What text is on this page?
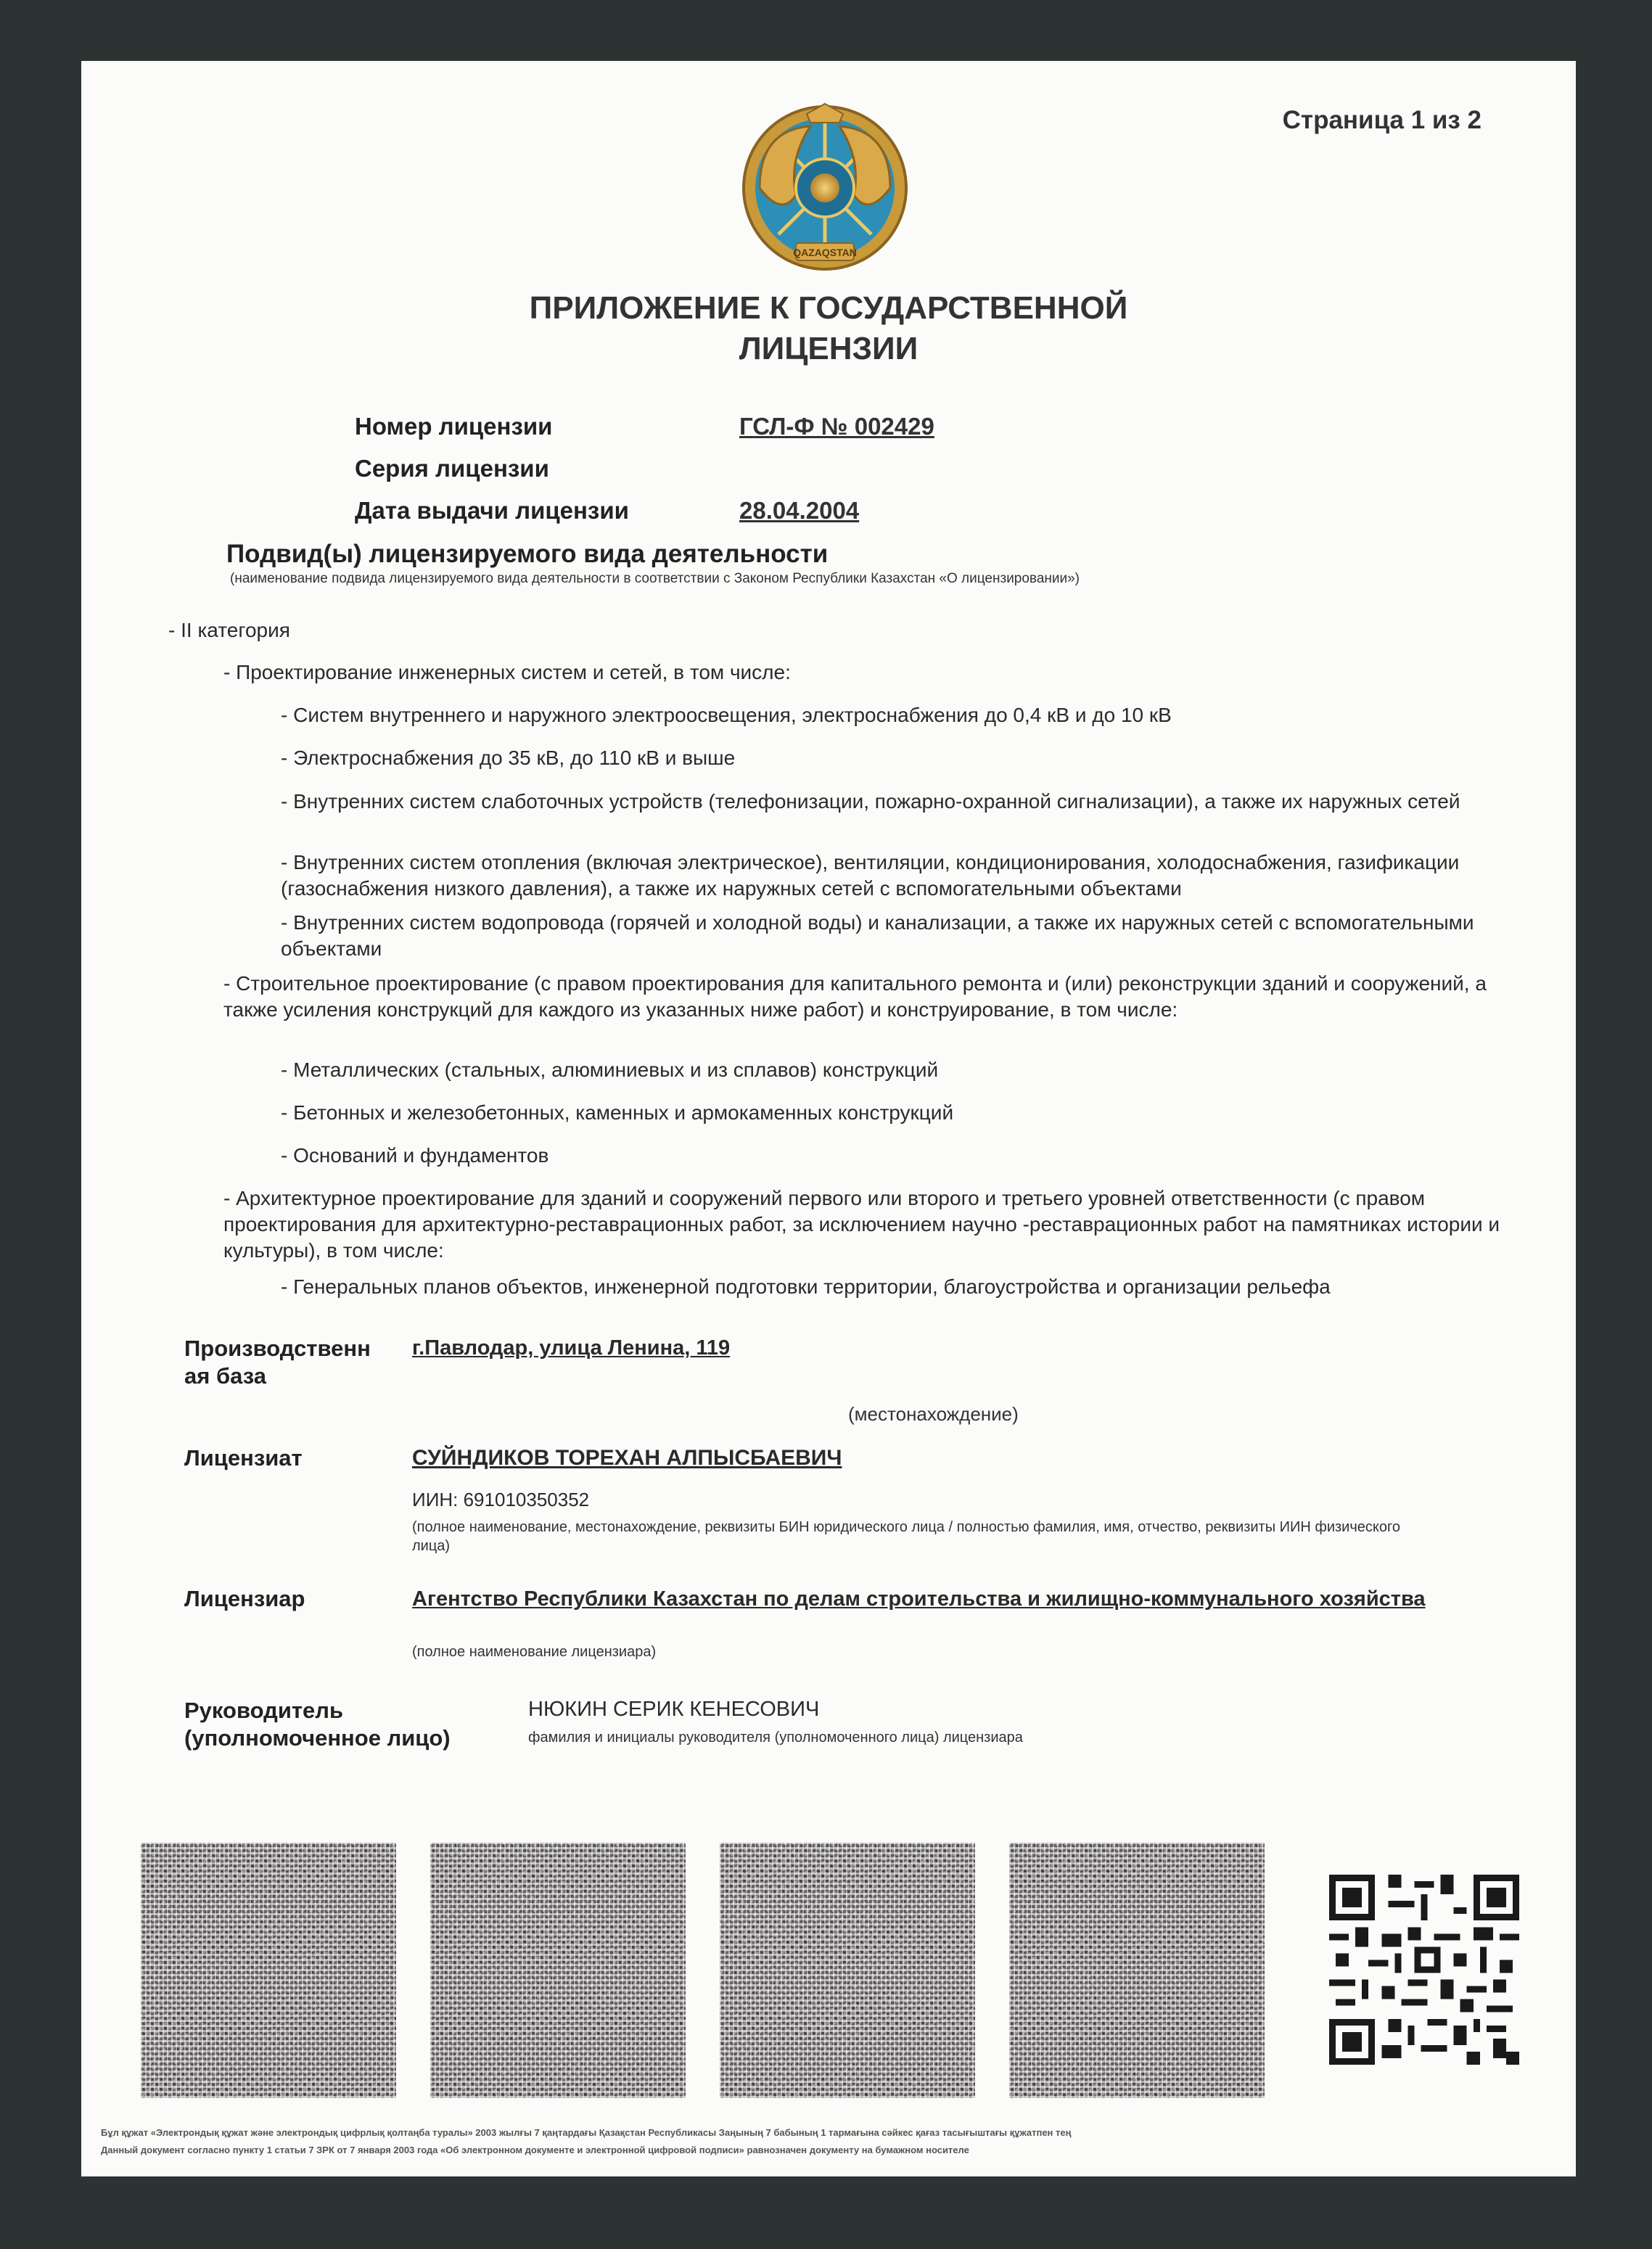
Страница 1 из 2
QAZAQSTAN
ПРИЛОЖЕНИЕ К ГОСУДАРСТВЕННОЙ
ЛИЦЕНЗИИ
Номер лицензии	ГСЛ-Ф № 002429
Серия лицензии
Дата выдачи лицензии	28.04.2004
Подвид(ы) лицензируемого вида деятельности
(наименование подвида лицензируемого вида деятельности в соответствии с Законом Республики Казахстан «О лицензировании»)
- II категория
- Проектирование инженерных систем и сетей, в том числе:
- Систем внутреннего и наружного электроосвещения, электроснабжения до 0,4 кВ и до 10 кВ
- Электроснабжения до 35 кВ, до 110 кВ и выше
- Внутренних систем слаботочных устройств (телефонизации, пожарно-охранной сигнализации), а также их наружных сетей
- Внутренних систем отопления (включая электрическое), вентиляции, кондиционирования, холодоснабжения, газификации (газоснабжения низкого давления), а также их наружных сетей с вспомогательными объектами
- Внутренних систем водопровода (горячей и холодной воды) и канализации, а также их наружных сетей с вспомогательными объектами
- Строительное проектирование (с правом проектирования для капитального ремонта и (или) реконструкции зданий и сооружений, а также усиления конструкций для каждого из указанных ниже работ) и конструирование, в том числе:
- Металлических (стальных, алюминиевых и из сплавов) конструкций
- Бетонных и железобетонных, каменных и армокаменных конструкций
- Оснований и фундаментов
- Архитектурное проектирование для зданий и сооружений первого или второго и третьего уровней ответственности (с правом проектирования для архитектурно-реставрационных работ, за исключением научно -реставрационных работ на памятниках истории и культуры), в том числе:
- Генеральных планов объектов, инженерной подготовки территории, благоустройства и организации рельефа
Производственн
ая база
г.Павлодар, улица Ленина, 119
(местонахождение)
Лицензиат	СУЙНДИКОВ ТОРЕХАН АЛПЫСБАЕВИЧ
ИИН: 691010350352
(полное наименование, местонахождение, реквизиты БИН юридического лица / полностью фамилия, имя, отчество, реквизиты ИИН физического лица)
Лицензиар	Агентство Республики Казахстан по делам строительства и жилищно-коммунального хозяйства
(полное наименование лицензиара)
Руководитель
(уполномоченное лицо)
НЮКИН СЕРИК КЕНЕСОВИЧ
фамилия и инициалы руководителя (уполномоченного лица) лицензиара
Бұл құжат «Электрондық құжат және электрондық цифрлық қолтаңба туралы» 2003 жылғы 7 қаңтардағы Қазақстан Республикасы Заңының 7 бабының 1 тармағына сәйкес қағаз тасығыштағы құжатпен тең
Данный документ согласно пункту 1 статьи 7 ЗРК от 7 января 2003 года «Об электронном документе и электронной цифровой подписи» равнозначен документу на бумажном носителе
